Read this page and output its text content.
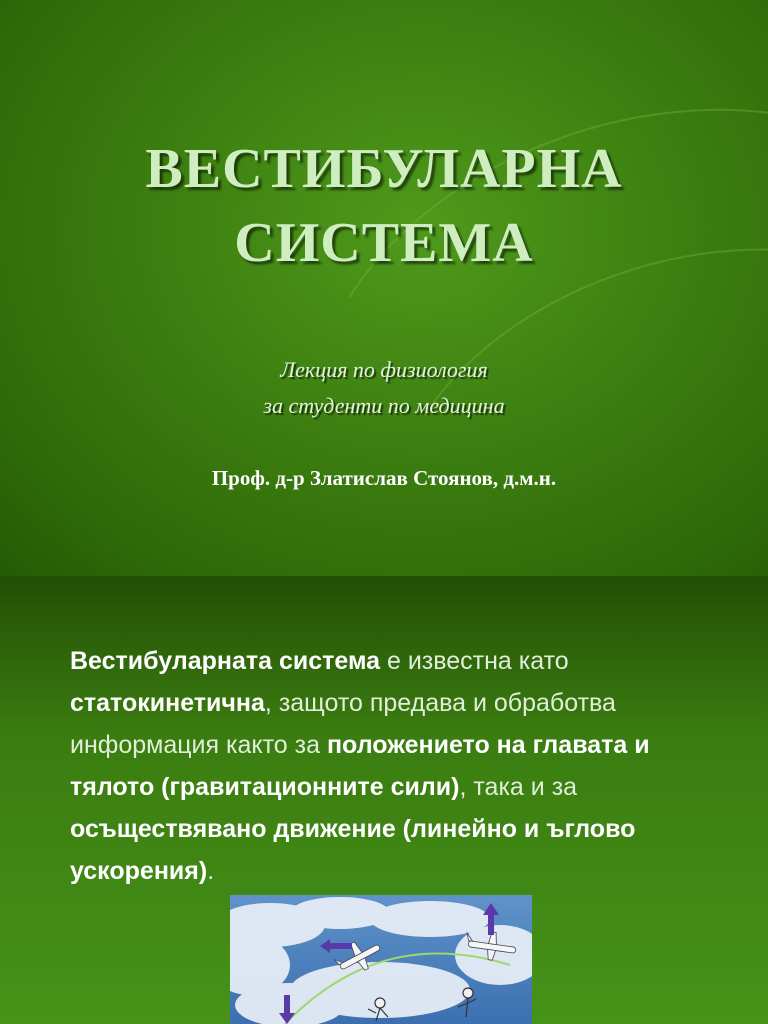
ВЕСТИБУЛАРНА
СИСТЕМА
Лекция по физиология
за студенти по медицина
Проф. д-р Златислав Стоянов, д.м.н.
Вестибуларната система е известна като статокинетична, защото предава и обработва информация както за положението на главата и тялото (гравитационните сили), така и за осъществявано движение (линейно и ъглово ускорения).
